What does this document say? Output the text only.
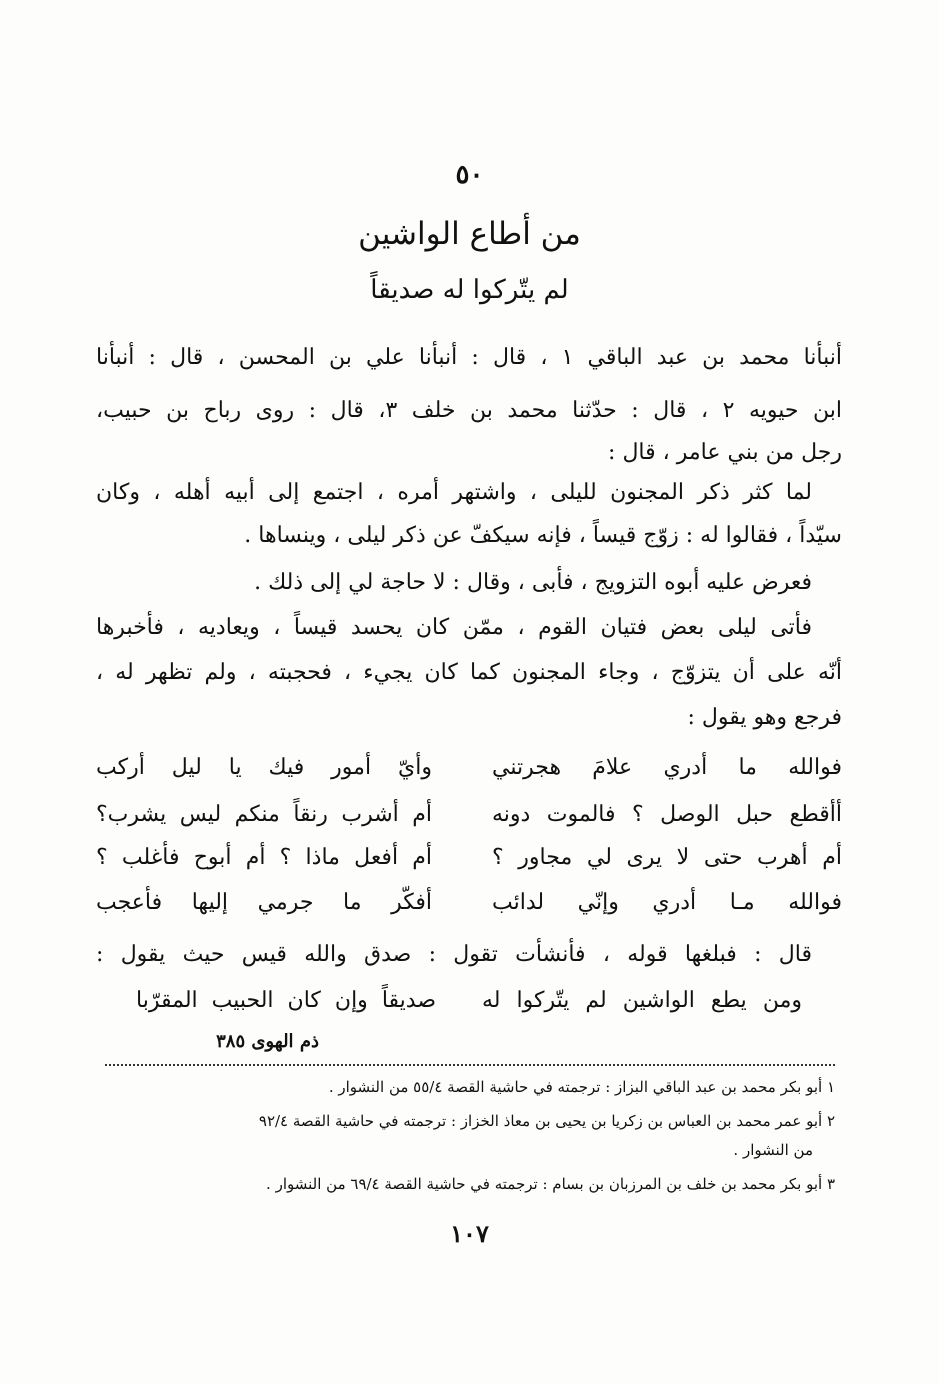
٥٠
من أطاع الواشين
لم يتّركوا له صديقاً
أنبأنا محمد بن عبد الباقي ١ ، قال : أنبأنا علي بن المحسن ، قال : أنبأنا
ابن حيويه ٢ ، قال : حدّثنا محمد بن خلف ٣، قال : روى رباح بن حبيب،
رجل من بني عامر ، قال :
لما كثر ذكر المجنون لليلى ، واشتهر أمره ، اجتمع إلى أبيه أهله ، وكان
سيّداً ، فقالوا له : زوّج قيساً ، فإنه سيكفّ عن ذكر ليلى ، وينساها .
فعرض عليه أبوه التزويج ، فأبى ، وقال : لا حاجة لي إلى ذلك .
فأتى ليلى بعض فتيان القوم ، ممّن كان يحسد قيساً ، ويعاديه ، فأخبرها
أنّه على أن يتزوّج ، وجاء المجنون كما كان يجيء ، فحجبته ، ولم تظهر له ،
فرجع وهو يقول :
فوالله ما أدري علامَ هجرتني
وأيّ أمور فيك يا ليل أركب
أأقطع حبل الوصل ؟ فالموت دونه
أم أشرب رنقاً منكم ليس يشرب؟
أم أهرب حتى لا يرى لي مجاور ؟
أم أفعل ماذا ؟ أم أبوح فأغلب ؟
فوالله مـا أدري وإنّي لدائب
أفكّر ما جرمي إليها فأعجب
قال : فبلغها قوله ، فأنشأت تقول : صدق والله قيس حيث يقول :
ومن يطع الواشين لم يتّركوا له
صديقاً وإن كان الحبيب المقرّبا
ذم الهوى ٣٨٥
١ أبو بكر محمد بن عبد الباقي البزاز : ترجمته في حاشية القصة ٥٥/٤ من النشوار .
٢ أبو عمر محمد بن العباس بن زكريا بن يحيى بن معاذ الخزاز : ترجمته في حاشية القصة ٩٢/٤
من النشوار .
٣ أبو بكر محمد بن خلف بن المرزبان بن بسام : ترجمته في حاشية القصة ٦٩/٤ من النشوار .
١٠٧
